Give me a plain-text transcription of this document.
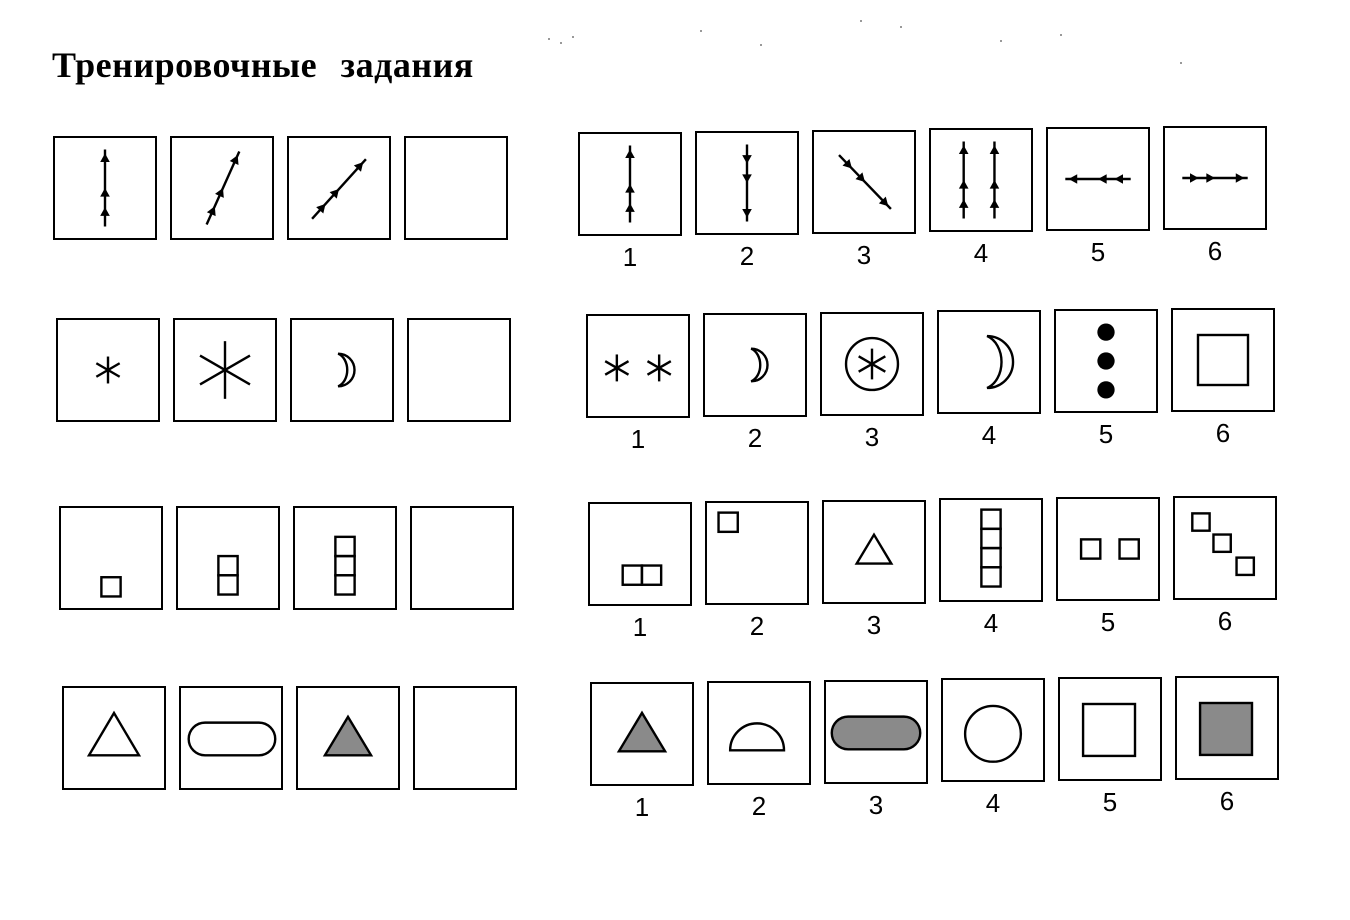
Тренировочные задания
1	2	3	4	5	6
1	2	3	4	5	6
1	2	3	4	5	6
1	2	3	4	5	6
